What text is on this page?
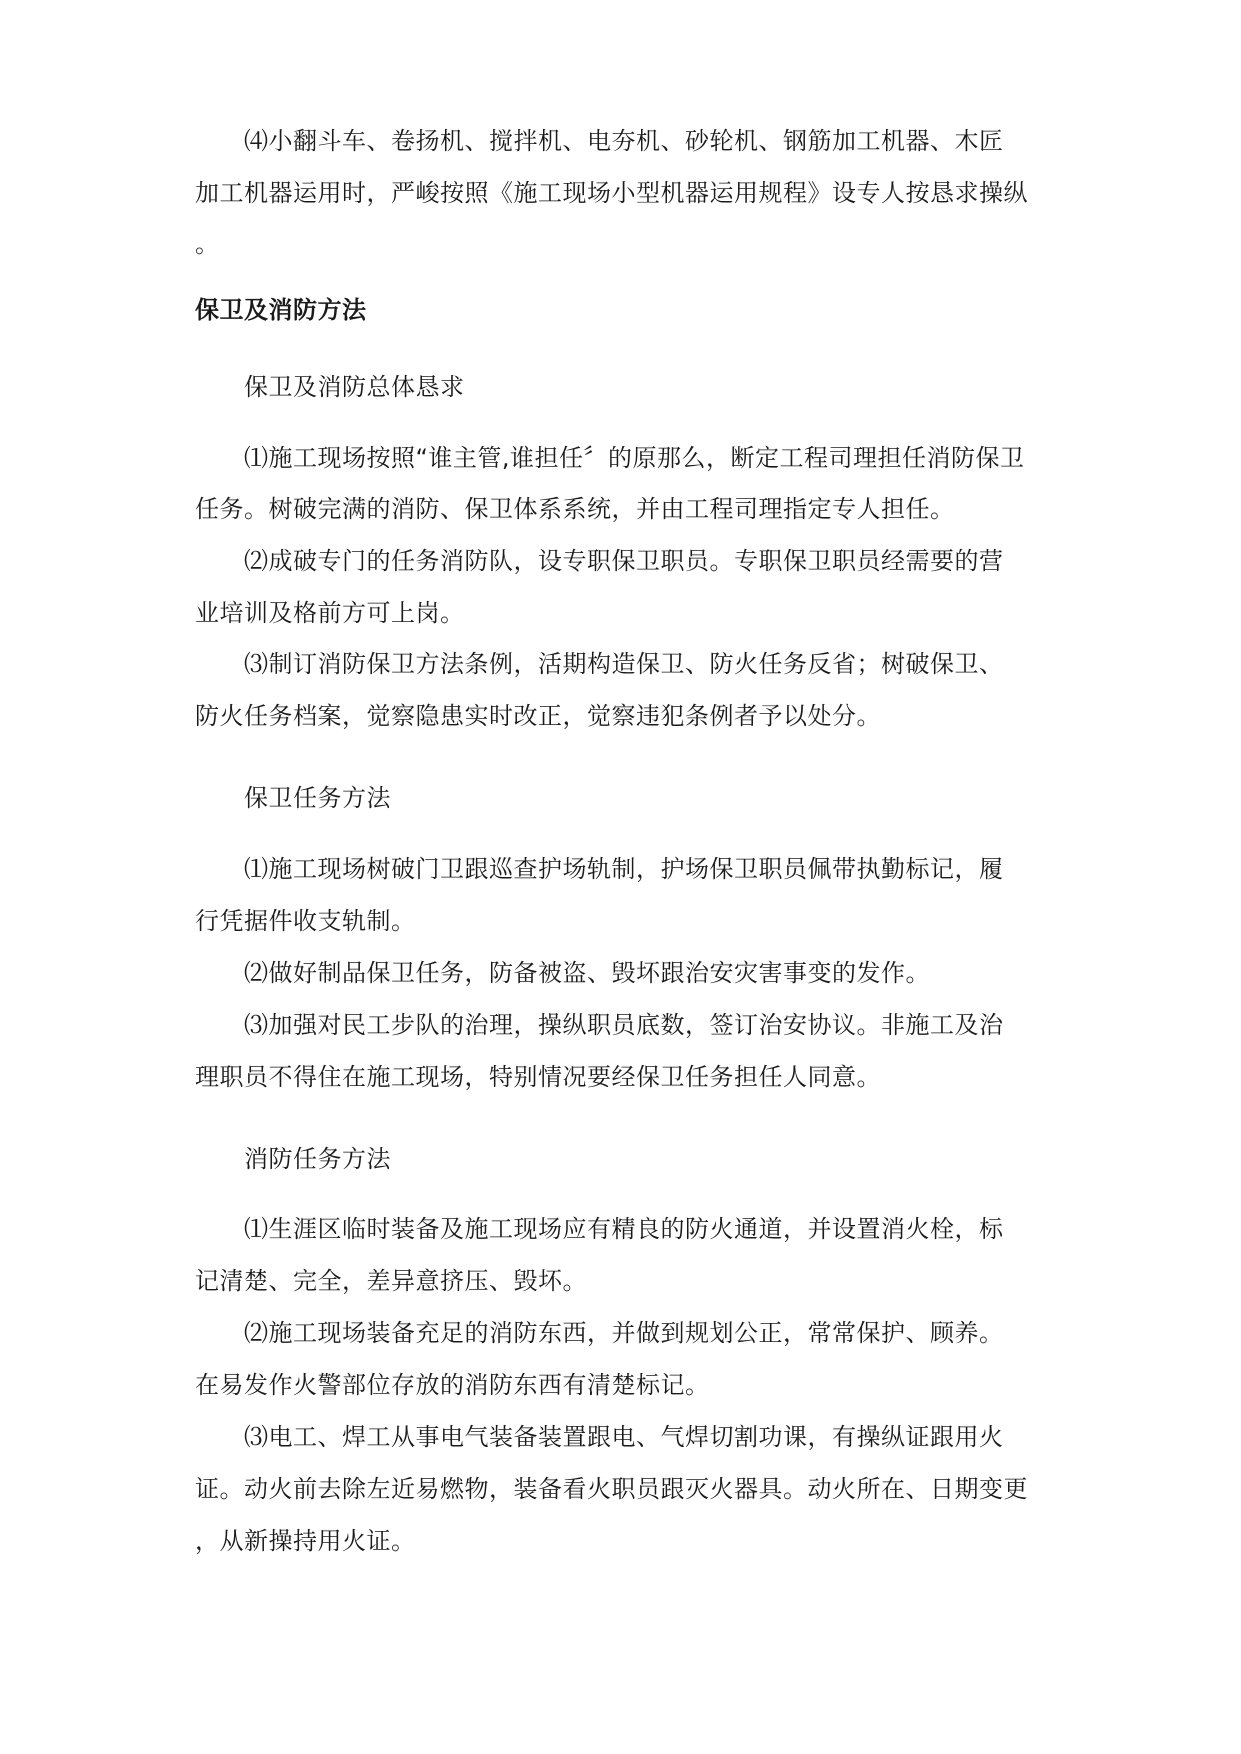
⑷小翻斗车、卷扬机、搅拌机、电夯机、砂轮机、钢筋加工机器、木匠
加工机器运用时，严峻按照《施工现场小型机器运用规程》设专人按恳求操纵
。
保卫及消防方法
保卫及消防总体恳求
⑴施工现场按照“谁主管,谁担任〞的原那么，断定工程司理担任消防保卫
任务。树破完满的消防、保卫体系系统，并由工程司理指定专人担任。
⑵成破专门的任务消防队，设专职保卫职员。专职保卫职员经需要的营
业培训及格前方可上岗。
⑶制订消防保卫方法条例，活期构造保卫、防火任务反省；树破保卫、
防火任务档案，觉察隐患实时改正，觉察违犯条例者予以处分。
保卫任务方法
⑴施工现场树破门卫跟巡查护场轨制，护场保卫职员佩带执勤标记，履
行凭据件收支轨制。
⑵做好制品保卫任务，防备被盗、毁坏跟治安灾害事变的发作。
⑶加强对民工步队的治理，操纵职员底数，签订治安协议。非施工及治
理职员不得住在施工现场，特别情况要经保卫任务担任人同意。
消防任务方法
⑴生涯区临时装备及施工现场应有精良的防火通道，并设置消火栓，标
记清楚、完全，差异意挤压、毁坏。
⑵施工现场装备充足的消防东西，并做到规划公正，常常保护、顾养。
在易发作火警部位存放的消防东西有清楚标记。
⑶电工、焊工从事电气装备装置跟电、气焊切割功课，有操纵证跟用火
证。动火前去除左近易燃物，装备看火职员跟灭火器具。动火所在、日期变更
，从新操持用火证。
